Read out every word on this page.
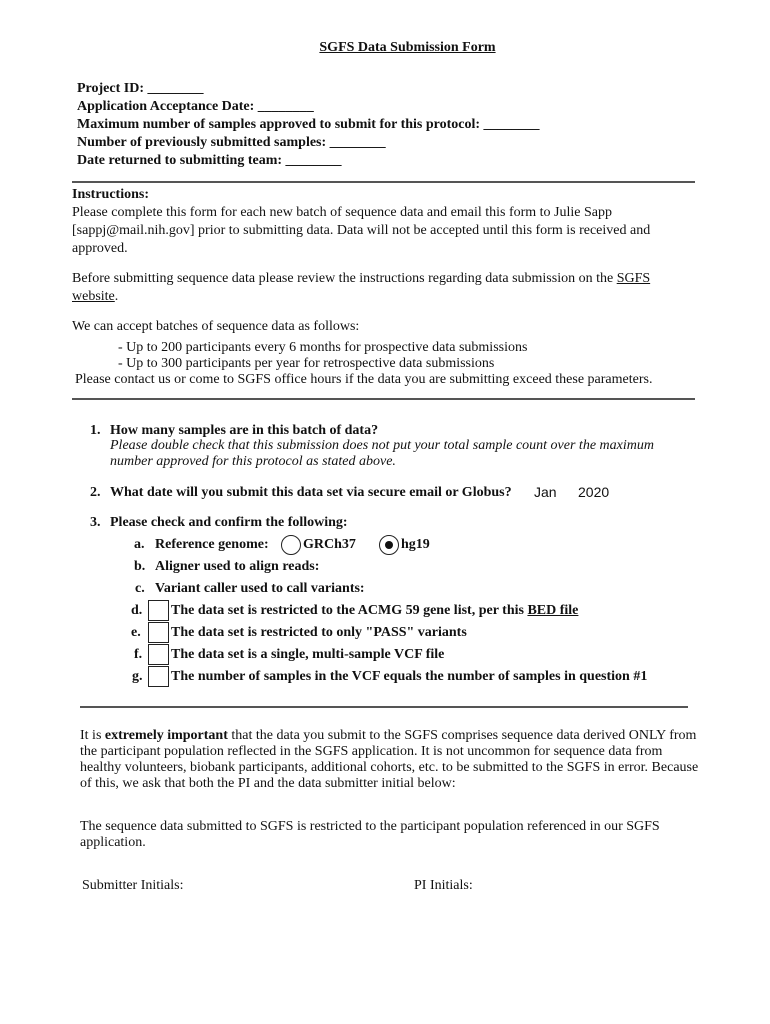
SGFS Data Submission Form
Project ID: ________
Application Acceptance Date: ________
Maximum number of samples approved to submit for this protocol: ________
Number of previously submitted samples: ________
Date returned to submitting team: ________
Instructions:
Please complete this form for each new batch of sequence data and email this form to Julie Sapp [sappj@mail.nih.gov] prior to submitting data. Data will not be accepted until this form is received and approved.
Before submitting sequence data please review the instructions regarding data submission on the SGFS website.
We can accept batches of sequence data as follows:
- Up to 200 participants every 6 months for prospective data submissions
- Up to 300 participants per year for retrospective data submissions
Please contact us or come to SGFS office hours if the data you are submitting exceed these parameters.
1. How many samples are in this batch of data?
Please double check that this submission does not put your total sample count over the maximum number approved for this protocol as stated above.
2. What date will you submit this data set via secure email or Globus? Jan 2020
3. Please check and confirm the following:
a. Reference genome: GRCh37	hg19
b. Aligner used to align reads:
c. Variant caller used to call variants:
d. The data set is restricted to the ACMG 59 gene list, per this BED file
e. The data set is restricted to only "PASS" variants
f. The data set is a single, multi-sample VCF file
g. The number of samples in the VCF equals the number of samples in question #1
It is extremely important that the data you submit to the SGFS comprises sequence data derived ONLY from the participant population reflected in the SGFS application. It is not uncommon for sequence data from healthy volunteers, biobank participants, additional cohorts, etc. to be submitted to the SGFS in error. Because of this, we ask that both the PI and the data submitter initial below:
The sequence data submitted to SGFS is restricted to the participant population referenced in our SGFS application.
Submitter Initials:	PI Initials:
